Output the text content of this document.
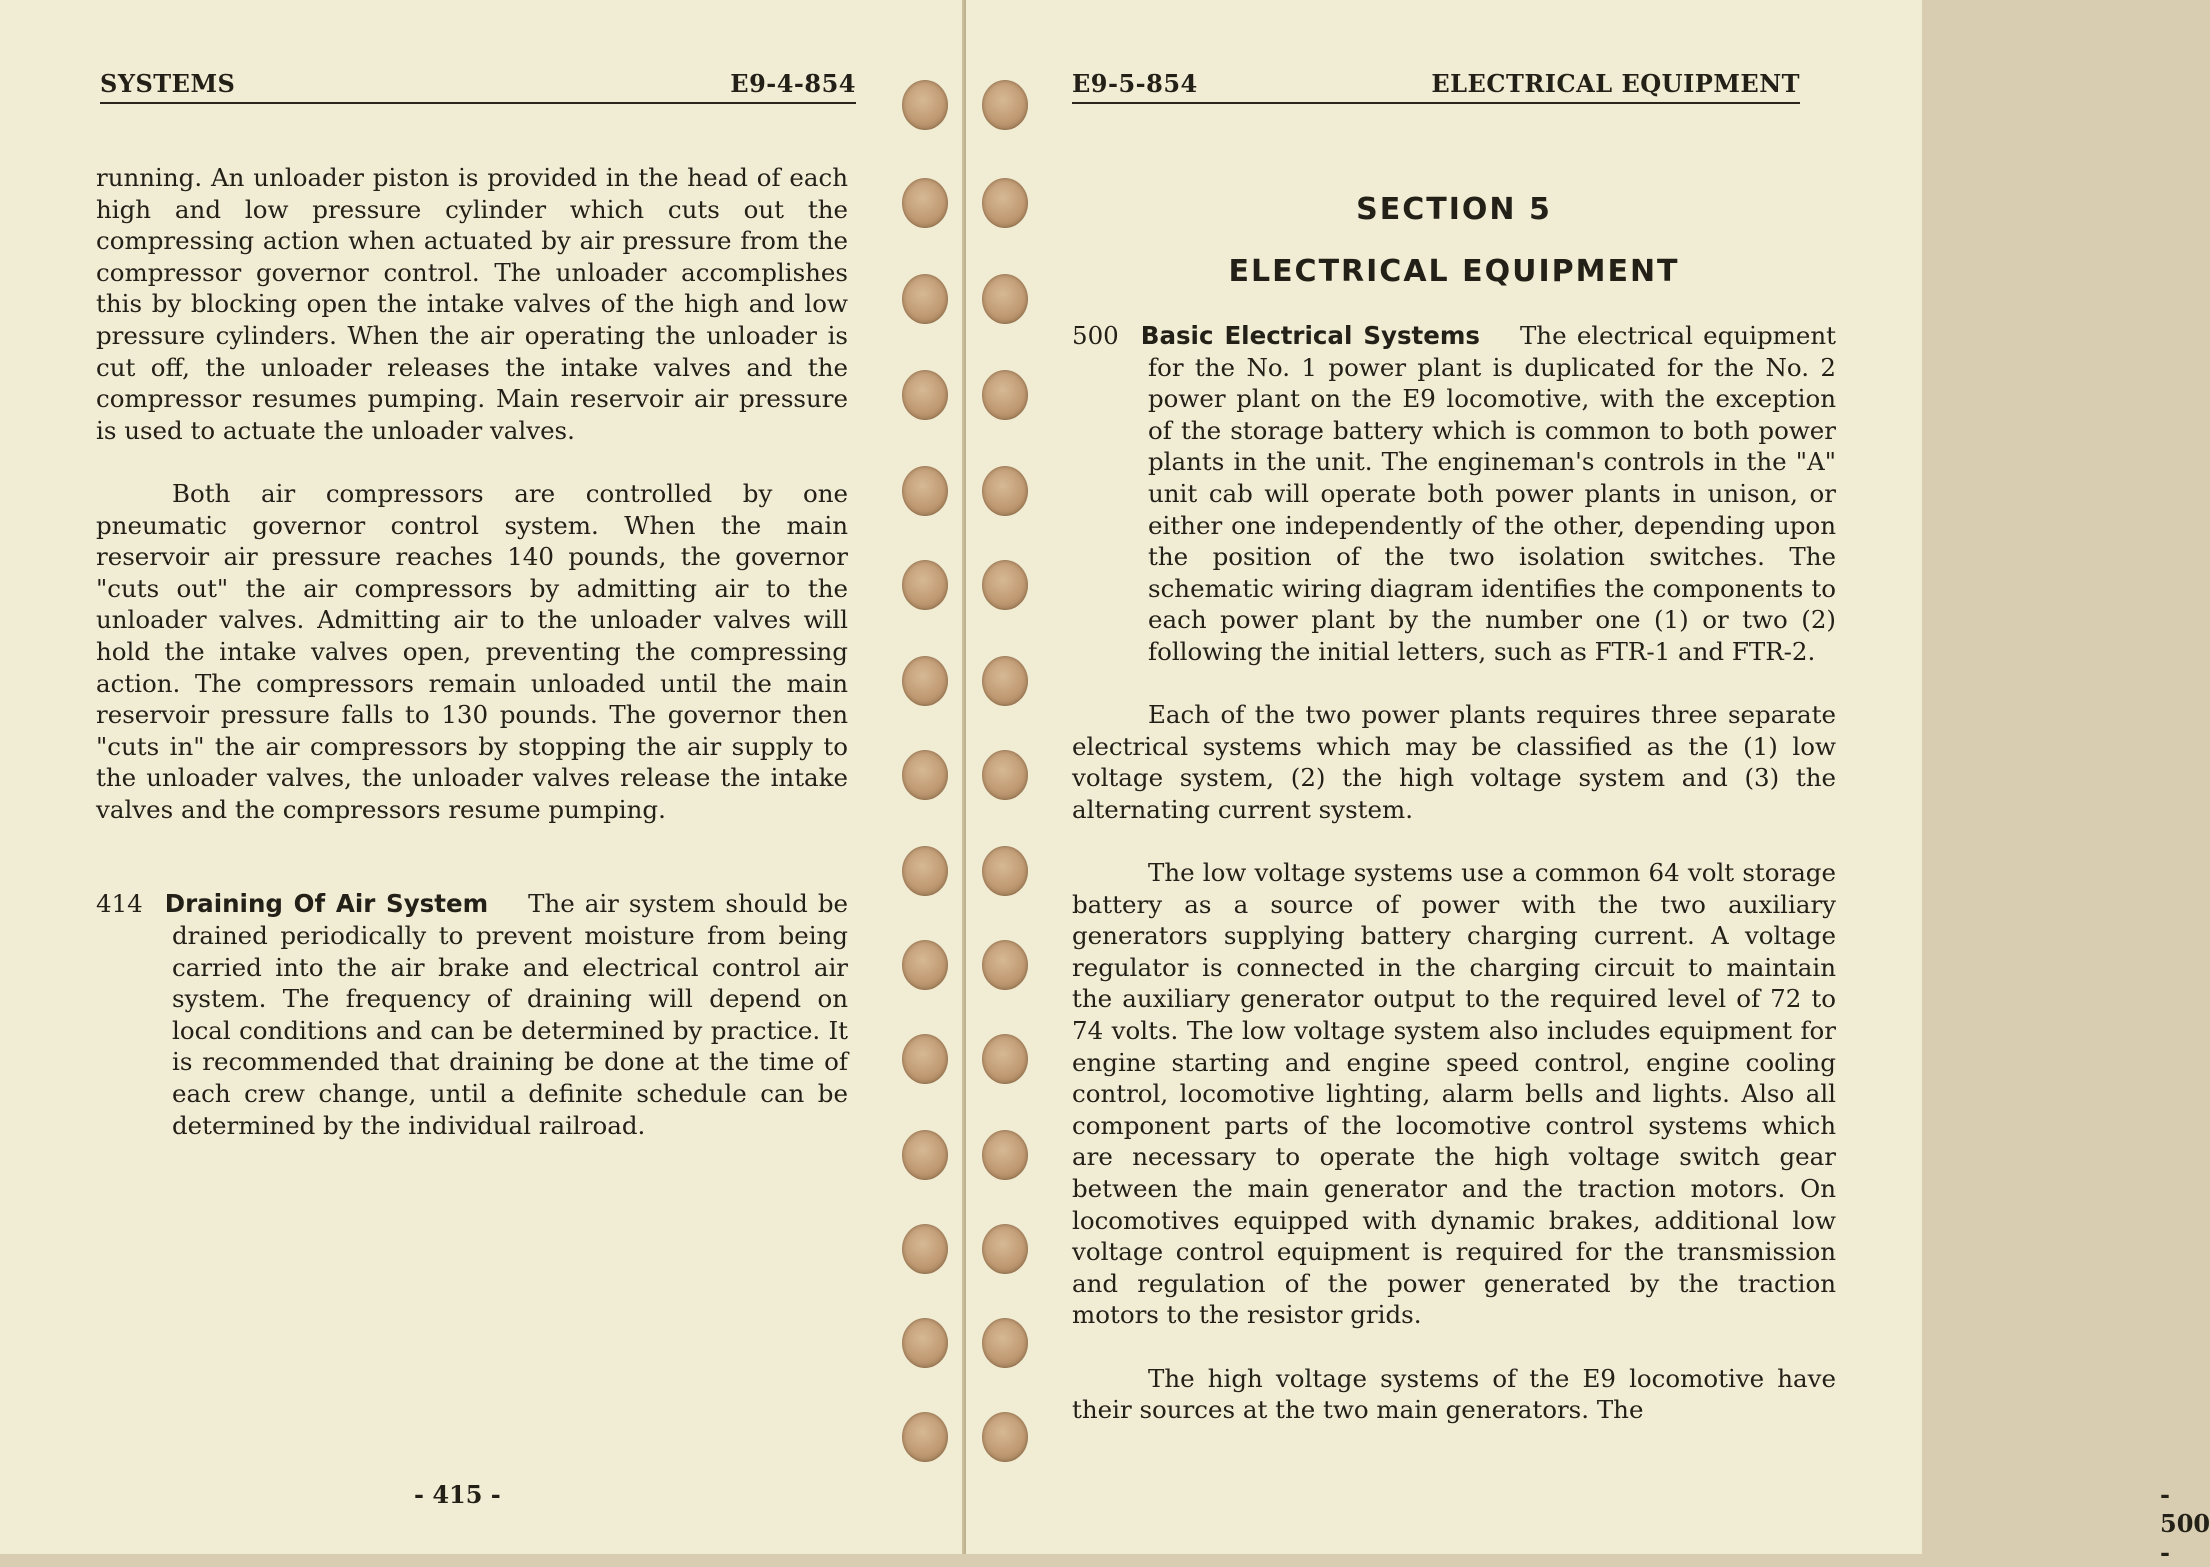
SYSTEMS	E9-4-854

running. An unloader piston is provided in the head of each high and low pressure cylinder which cuts out the compressing action when actuated by air pressure from the compressor governor control. The unloader accomplishes this by blocking open the intake valves of the high and low pressure cylinders. When the air operating the unloader is cut off, the unloader releases the intake valves and the compressor resumes pumping. Main reservoir air pressure is used to actuate the unloader valves.

Both air compressors are controlled by one pneumatic governor control system. When the main reservoir air pressure reaches 140 pounds, the governor "cuts out" the air compressors by admitting air to the unloader valves. Admitting air to the unloader valves will hold the intake valves open, preventing the compressing action. The compressors remain unloaded until the main reservoir pressure falls to 130 pounds. The governor then "cuts in" the air compressors by stopping the air supply to the unloader valves, the unloader valves release the intake valves and the compressors resume pumping.

414 Draining Of Air System The air system should be drained periodically to prevent moisture from being carried into the air brake and electrical control air system. The frequency of draining will depend on local conditions and can be determined by practice. It is recommended that draining be done at the time of each crew change, until a definite schedule can be determined by the individual railroad.

- 415 -
E9-5-854	ELECTRICAL EQUIPMENT
SECTION 5
ELECTRICAL EQUIPMENT

500 Basic Electrical Systems The electrical equipment for the No. 1 power plant is duplicated for the No. 2 power plant on the E9 locomotive, with the exception of the storage battery which is common to both power plants in the unit. The engineman's controls in the "A" unit cab will operate both power plants in unison, or either one independently of the other, depending upon the position of the two isolation switches. The schematic wiring diagram identifies the components to each power plant by the number one (1) or two (2) following the initial letters, such as FTR-1 and FTR-2.

Each of the two power plants requires three separate electrical systems which may be classified as the (1) low voltage system, (2) the high voltage system and (3) the alternating current system.

The low voltage systems use a common 64 volt storage battery as a source of power with the two auxiliary generators supplying battery charging current. A voltage regulator is connected in the charging circuit to maintain the auxiliary generator output to the required level of 72 to 74 volts. The low voltage system also includes equipment for engine starting and engine speed control, engine cooling control, locomotive lighting, alarm bells and lights. Also all component parts of the locomotive control systems which are necessary to operate the high voltage switch gear between the main generator and the traction motors. On locomotives equipped with dynamic brakes, additional low voltage control equipment is required for the transmission and regulation of the power generated by the traction motors to the resistor grids.

The high voltage systems of the E9 locomotive have their sources at the two main generators. The

- 500 -
